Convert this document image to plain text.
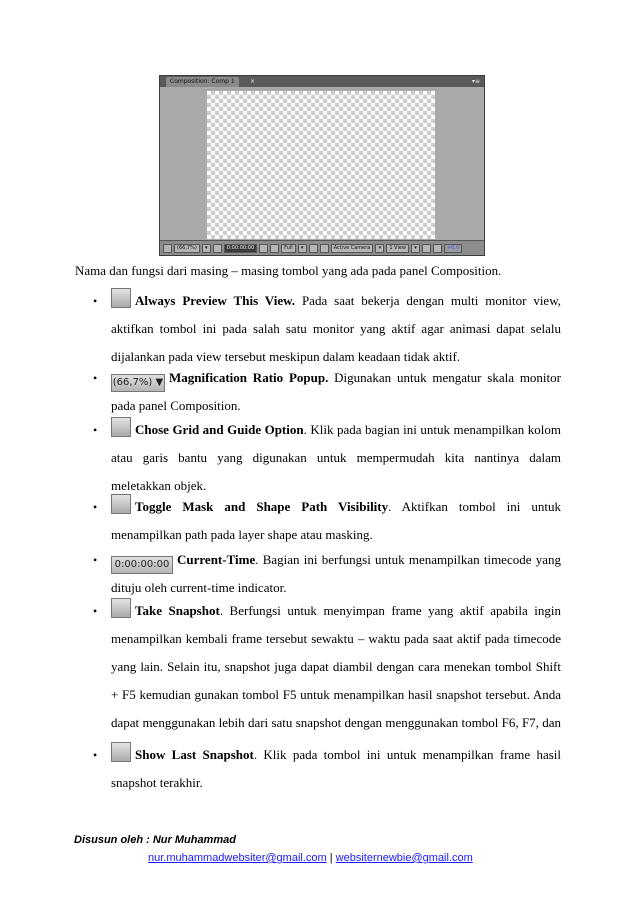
Composition: Comp 1	×	▾≡
(66,7%)	▾	0:00:00:00	Full	▾	Active Camera	▾	1 View	▾	+0,0
Nama dan fungsi dari masing – masing tombol yang ada pada panel Composition.
•	Always Preview This View. Pada saat bekerja dengan multi monitor view, aktifkan tombol ini pada salah satu monitor yang aktif agar animasi dapat selalu dijalankan pada view tersebut meskipun dalam keadaan tidak aktif.
• (66,7%) ▼ Magnification Ratio Popup. Digunakan untuk mengatur skala monitor pada panel Composition.
•	Chose Grid and Guide Option. Klik pada bagian ini untuk menampilkan kolom atau garis bantu yang digunakan untuk mempermudah kita nantinya dalam meletakkan objek.
•	Toggle Mask and Shape Path Visibility. Aktifkan tombol ini untuk menampilkan path pada layer shape atau masking.
• 0:00:00:00 Current-Time. Bagian ini berfungsi untuk menampilkan timecode yang dituju oleh current-time indicator.
•	Take Snapshot. Berfungsi untuk menyimpan frame yang aktif apabila ingin menampilkan kembali frame tersebut sewaktu – waktu pada saat aktif pada timecode yang lain. Selain itu, snapshot juga dapat diambil dengan cara menekan tombol Shift + F5 kemudian gunakan tombol F5 untuk menampilkan hasil snapshot tersebut. Anda dapat menggunakan lebih dari satu snapshot dengan menggunakan tombol F6, F7, dan
•	Show Last Snapshot. Klik pada tombol ini untuk menampilkan frame hasil snapshot terakhir.
Disusun oleh : Nur Muhammad
nur.muhammadwebsiter@gmail.com | websiternewbie@gmail.com
